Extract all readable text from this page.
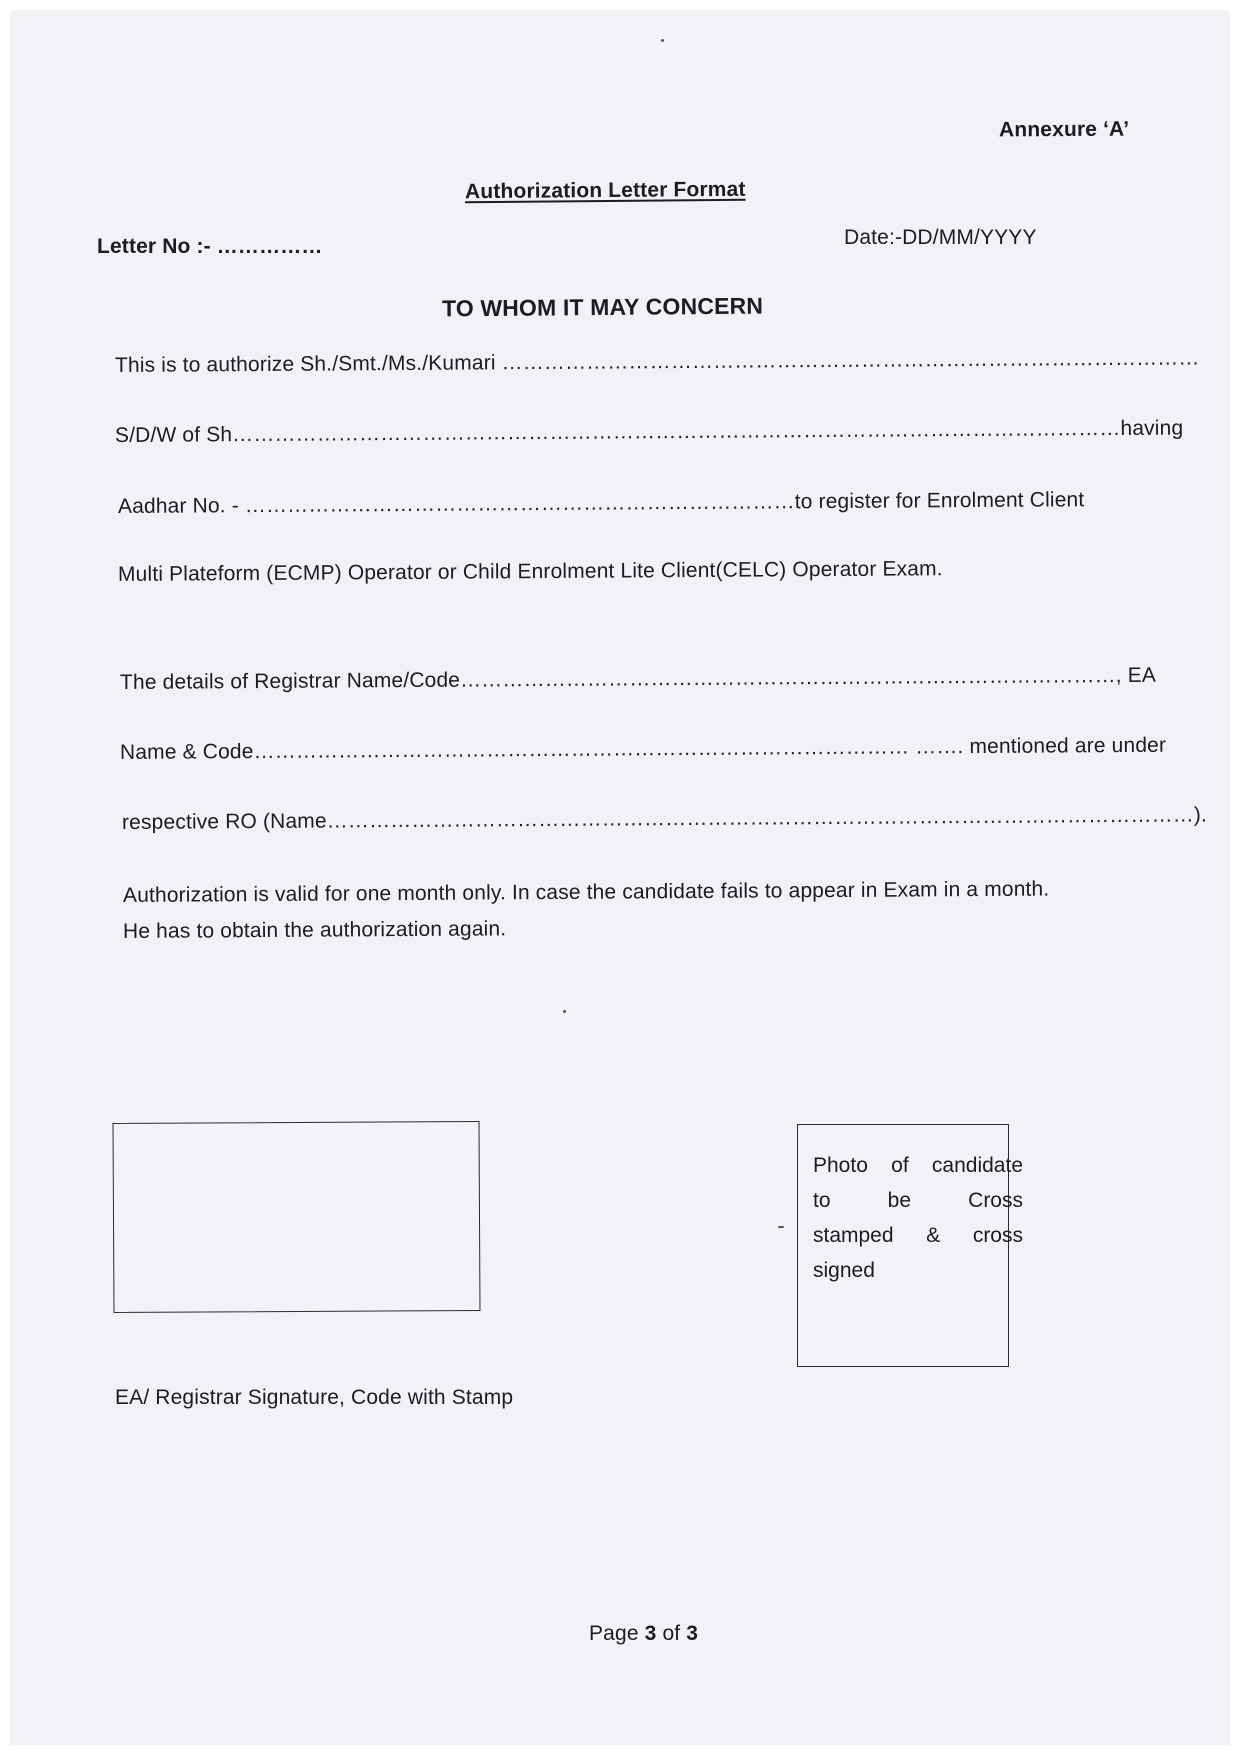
Annexure ‘A’
Authorization Letter Format
Letter No :- ……………	Date:-DD/MM/YYYY
TO WHOM IT MAY CONCERN
This is to authorize Sh./Smt./Ms./Kumari ………………………………………………………………………………………
S/D/W of Sh………………………………………………………………………………………………………………having
Aadhar No. - ……………………………………………………………………to register for Enrolment Client
Multi Plateform (ECMP) Operator or Child Enrolment Lite Client(CELC) Operator Exam.
The details of Registrar Name/Code…………………………………………………………………………………, EA
Name & Code………………………………………………………………………………… ……. mentioned are under
respective RO (Name……………………………………………………………………………………………………………).
Authorization is valid for one month only. In case the candidate fails to appear in Exam in a month.
He has to obtain the authorization again.
EA/ Registrar Signature, Code with Stamp
Photo of candidate
to be Cross
stamped & cross
signed
Page 3 of 3
